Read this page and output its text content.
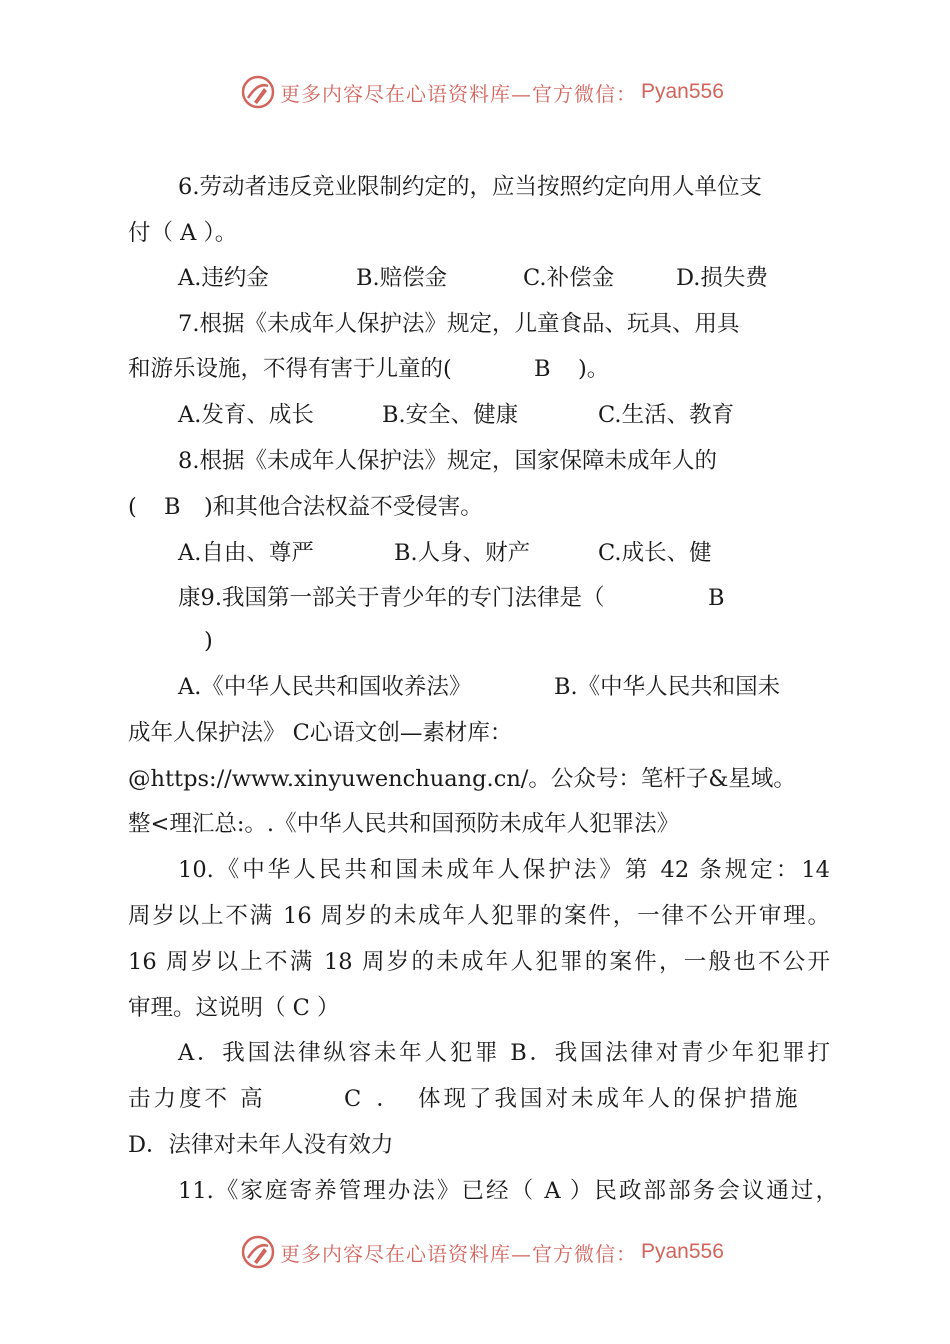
更多内容尽在心语资料库—官方微信： Pyan556
6.劳动者违反竞业限制约定的，应当按照约定向用人单位支
付（ A ）。
A.违约金	B.赔偿金	C.补偿金	D.损失费
7.根据《未成年人保护法》规定，儿童食品、玩具、用具
和游乐设施，不得有害于儿童的(	B )。
A.发育、成长	B.安全、健康	C.生活、教育
8.根据《未成年人保护法》规定，国家保障未成年人的
( B )和其他合法权益不受侵害。
A.自由、尊严	B.人身、财产	C.成长、健
康9.我国第一部关于青少年的专门法律是（	B
)
A.《中华人民共和国收养法》	B.《中华人民共和国未
成年人保护法》 C心语文创—素材库：
@https://www.xinyuwenchuang.cn/。公众号：笔杆子&星域。
整<理汇总:。.《中华人民共和国预防未成年人犯罪法》
10.《中华人民共和国未成年人保护法》第 42 条规定：14
周岁以上不满 16 周岁的未成年人犯罪的案件，一律不公开审理。
16 周岁以上不满 18 周岁的未成年人犯罪的案件，一般也不公开
审理。这说明（ C ）
A．我国法律纵容未年人犯罪 B．我国法律对青少年犯罪打
击力度不 高	C ． 体现了我国对未成年人的保护措施
D．法律对未年人没有效力
11.《家庭寄养管理办法》已经（ A ）民政部部务会议通过，
更多内容尽在心语资料库—官方微信： Pyan556
